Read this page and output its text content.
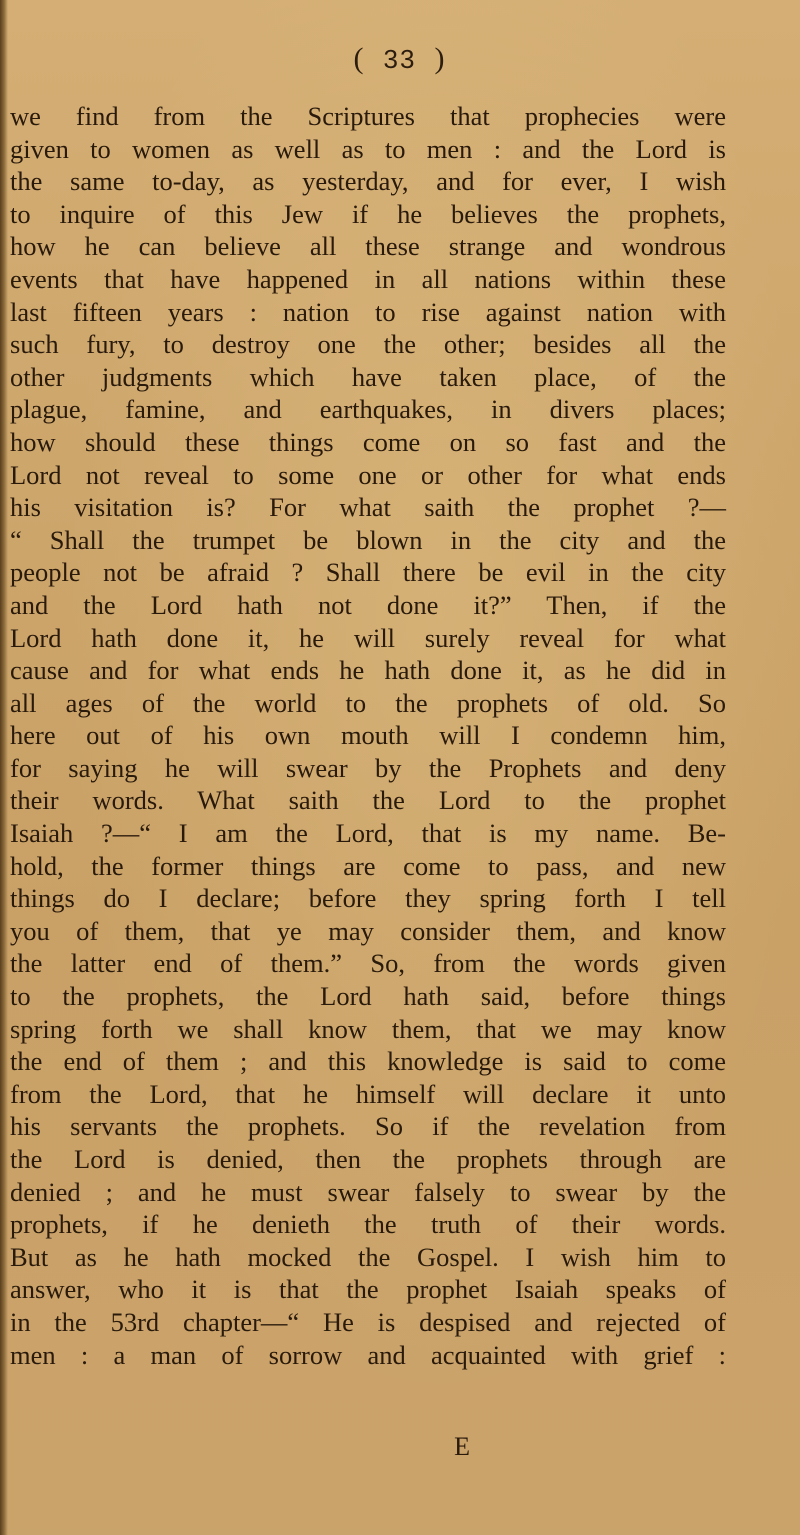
( 33 )
we find from the Scriptures that prophecies were
given to women as well as to men : and the Lord is
the same to-day, as yesterday, and for ever, I wish
to inquire of this Jew if he believes the prophets,
how he can believe all these strange and wondrous
events that have happened in all nations within these
last fifteen years : nation to rise against nation with
such fury, to destroy one the other; besides all the
other judgments which have taken place, of the
plague, famine, and earthquakes, in divers places;
how should these things come on so fast and the
Lord not reveal to some one or other for what ends
his visitation is? For what saith the prophet ?—
“ Shall the trumpet be blown in the city and the
people not be afraid ? Shall there be evil in the city
and the Lord hath not done it?” Then, if the
Lord hath done it, he will surely reveal for what
cause and for what ends he hath done it, as he did in
all ages of the world to the prophets of old. So
here out of his own mouth will I condemn him,
for saying he will swear by the Prophets and deny
their words. What saith the Lord to the prophet
Isaiah ?—“ I am the Lord, that is my name. Be-
hold, the former things are come to pass, and new
things do I declare; before they spring forth I tell
you of them, that ye may consider them, and know
the latter end of them.” So, from the words given
to the prophets, the Lord hath said, before things
spring forth we shall know them, that we may know
the end of them ; and this knowledge is said to come
from the Lord, that he himself will declare it unto
his servants the prophets. So if the revelation from
the Lord is denied, then the prophets through are
denied ; and he must swear falsely to swear by the
prophets, if he denieth the truth of their words.
But as he hath mocked the Gospel. I wish him to
answer, who it is that the prophet Isaiah speaks of
in the 53rd chapter—“ He is despised and rejected of
men : a man of sorrow and acquainted with grief :
E
